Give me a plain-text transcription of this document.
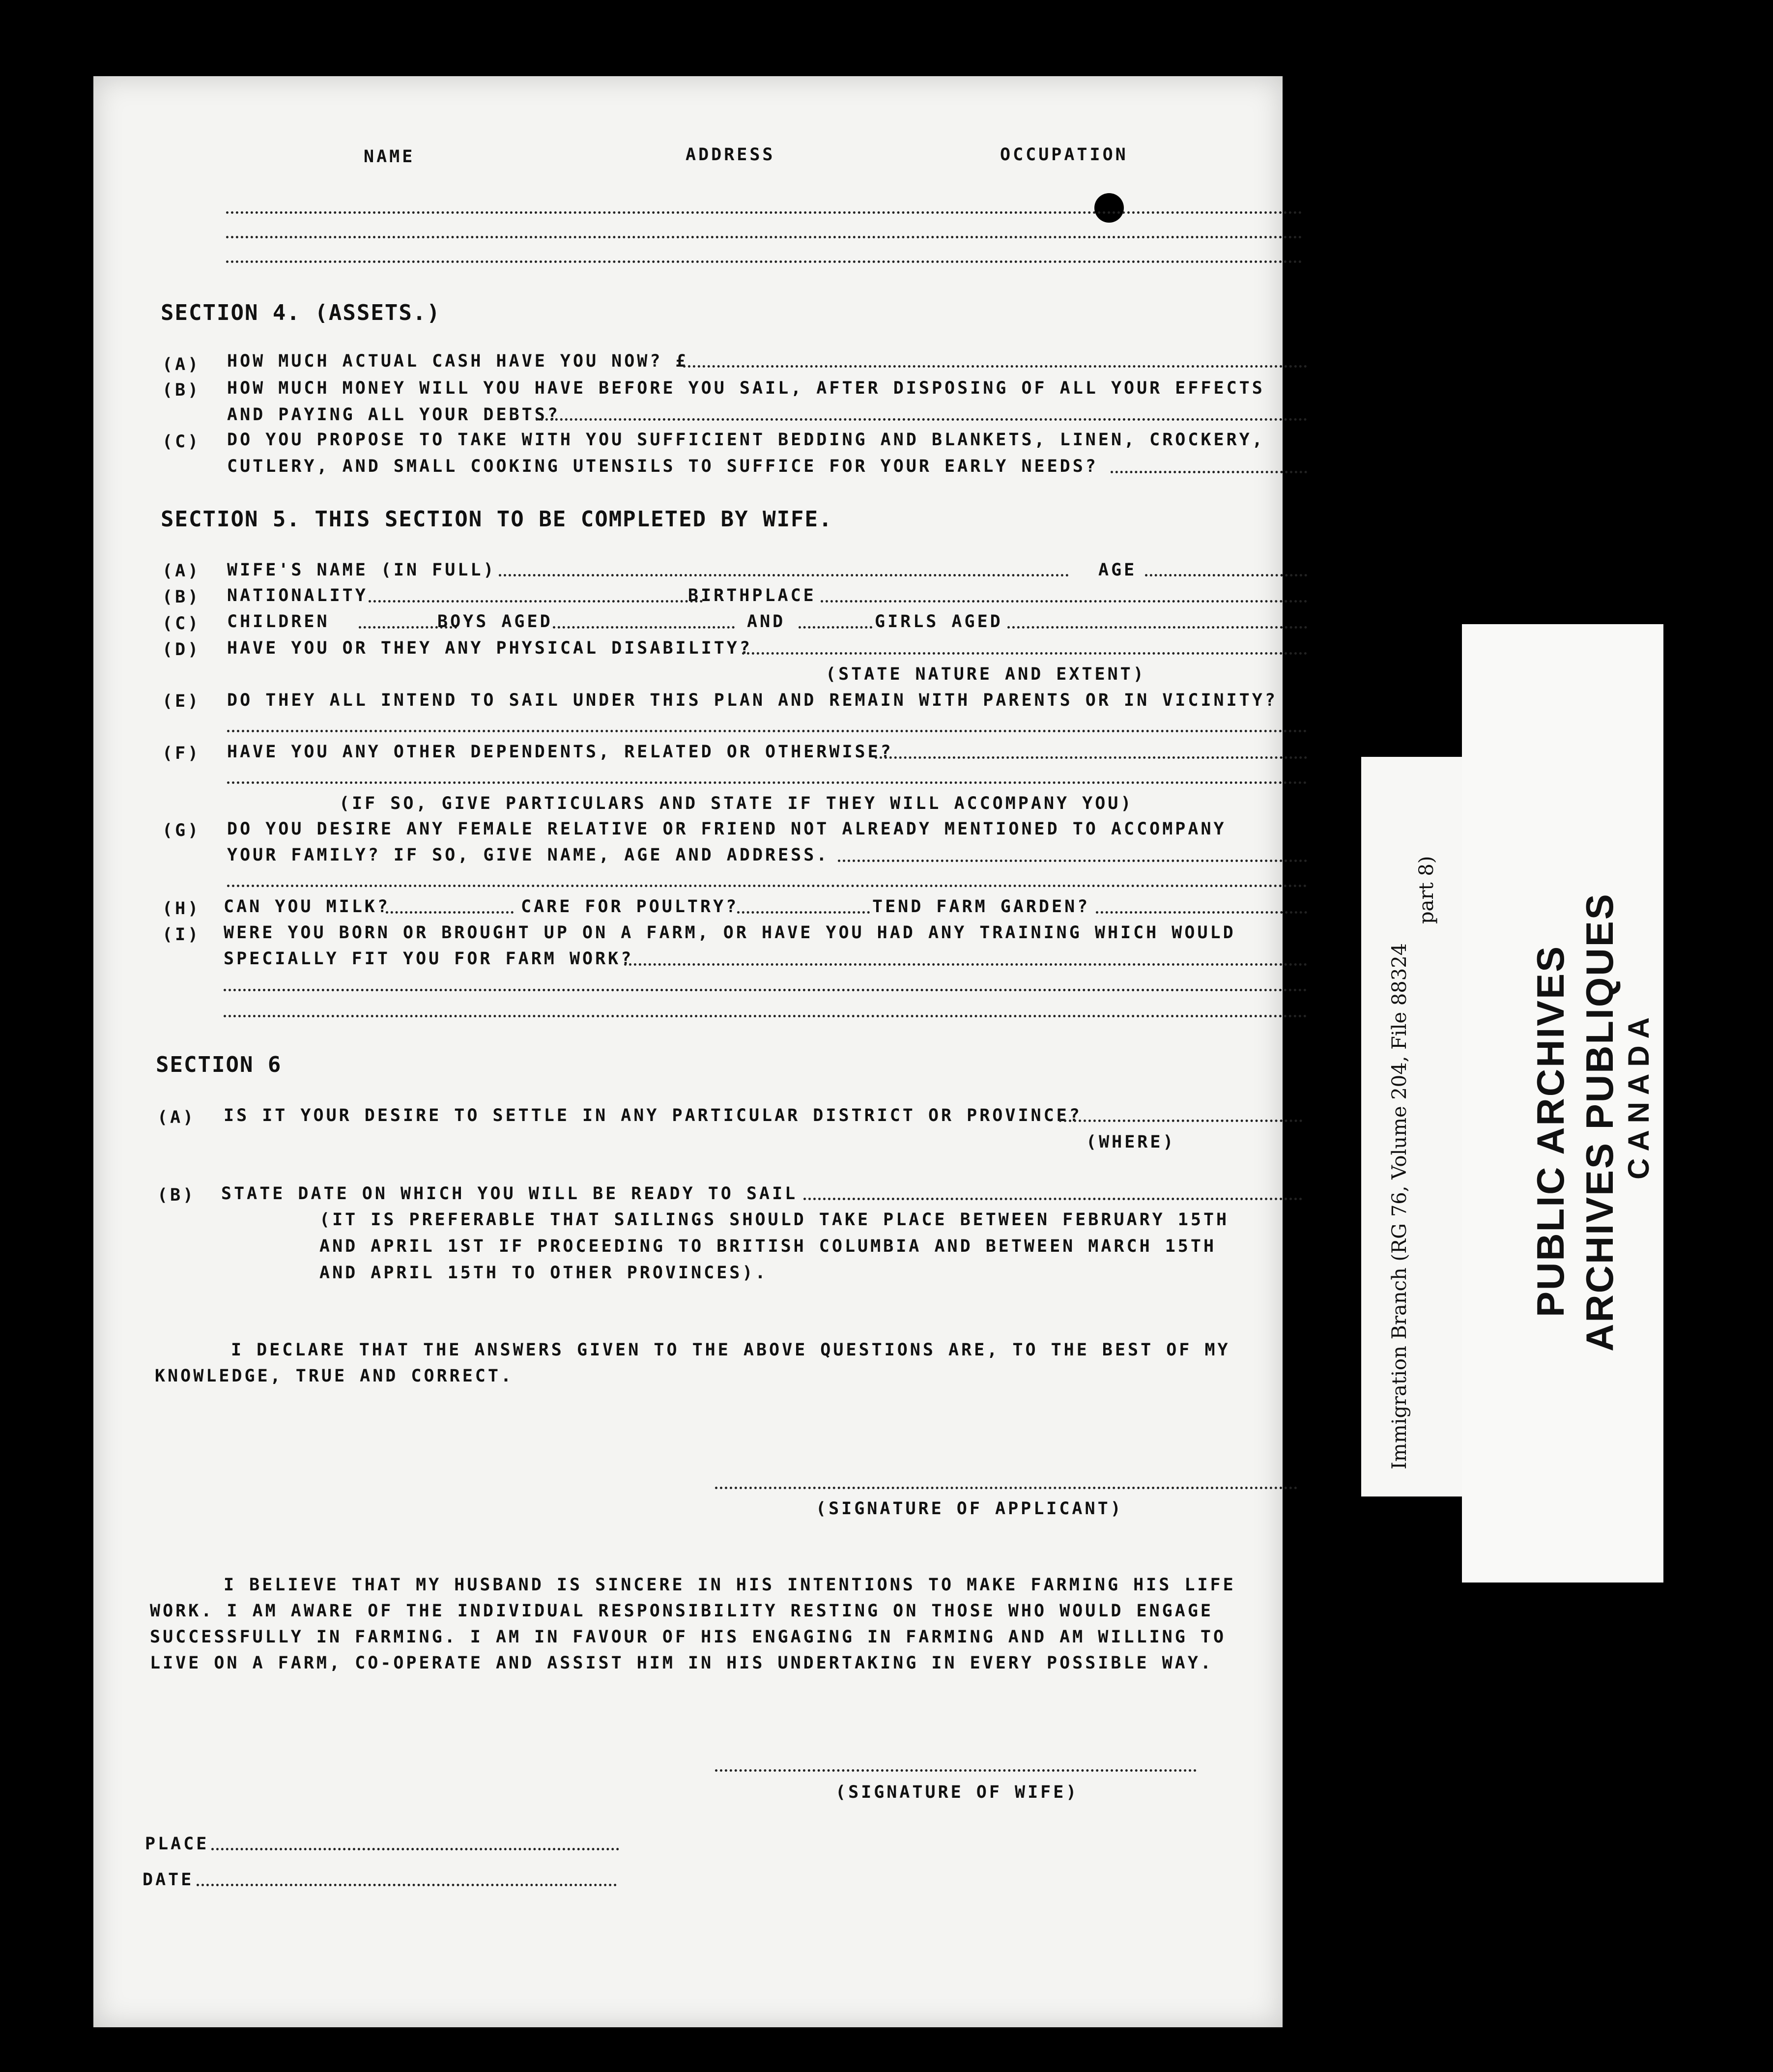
NAME	ADDRESS	OCCUPATION
SECTION 4. (ASSETS.)
(A) HOW MUCH ACTUAL CASH HAVE YOU NOW? £
(B) HOW MUCH MONEY WILL YOU HAVE BEFORE YOU SAIL, AFTER DISPOSING OF ALL YOUR EFFECTS
AND PAYING ALL YOUR DEBTS?
(C) DO YOU PROPOSE TO TAKE WITH YOU SUFFICIENT BEDDING AND BLANKETS, LINEN, CROCKERY,
CUTLERY, AND SMALL COOKING UTENSILS TO SUFFICE FOR YOUR EARLY NEEDS?
SECTION 5. THIS SECTION TO BE COMPLETED BY WIFE.
(A) WIFE'S NAME (IN FULL)	AGE
(B) NATIONALITY	BIRTHPLACE
(C) CHILDREN	BOYS AGED	AND	GIRLS AGED
(D) HAVE YOU OR THEY ANY PHYSICAL DISABILITY?
(STATE NATURE AND EXTENT)
(E) DO THEY ALL INTEND TO SAIL UNDER THIS PLAN AND REMAIN WITH PARENTS OR IN VICINITY?
(F) HAVE YOU ANY OTHER DEPENDENTS, RELATED OR OTHERWISE?
(IF SO, GIVE PARTICULARS AND STATE IF THEY WILL ACCOMPANY YOU)
(G) DO YOU DESIRE ANY FEMALE RELATIVE OR FRIEND NOT ALREADY MENTIONED TO ACCOMPANY
YOUR FAMILY? IF SO, GIVE NAME, AGE AND ADDRESS.
(H) CAN YOU MILK?	CARE FOR POULTRY?	TEND FARM GARDEN?
(I) WERE YOU BORN OR BROUGHT UP ON A FARM, OR HAVE YOU HAD ANY TRAINING WHICH WOULD
SPECIALLY FIT YOU FOR FARM WORK?
SECTION 6
(A) IS IT YOUR DESIRE TO SETTLE IN ANY PARTICULAR DISTRICT OR PROVINCE?
(WHERE)
(B) STATE DATE ON WHICH YOU WILL BE READY TO SAIL
(IT IS PREFERABLE THAT SAILINGS SHOULD TAKE PLACE BETWEEN FEBRUARY 15TH
AND APRIL 1ST IF PROCEEDING TO BRITISH COLUMBIA AND BETWEEN MARCH 15TH
AND APRIL 15TH TO OTHER PROVINCES).
I DECLARE THAT THE ANSWERS GIVEN TO THE ABOVE QUESTIONS ARE, TO THE BEST OF MY
KNOWLEDGE, TRUE AND CORRECT.
(SIGNATURE OF APPLICANT)
I BELIEVE THAT MY HUSBAND IS SINCERE IN HIS INTENTIONS TO MAKE FARMING HIS LIFE
WORK. I AM AWARE OF THE INDIVIDUAL RESPONSIBILITY RESTING ON THOSE WHO WOULD ENGAGE
SUCCESSFULLY IN FARMING. I AM IN FAVOUR OF HIS ENGAGING IN FARMING AND AM WILLING TO
LIVE ON A FARM, CO-OPERATE AND ASSIST HIM IN HIS UNDERTAKING IN EVERY POSSIBLE WAY.
(SIGNATURE OF WIFE)
PLACE
DATE
Immigration Branch (RG 76, Volume 204, File 88324
part 8)
PUBLIC ARCHIVES ARCHIVES PUBLIQUES CANADA
